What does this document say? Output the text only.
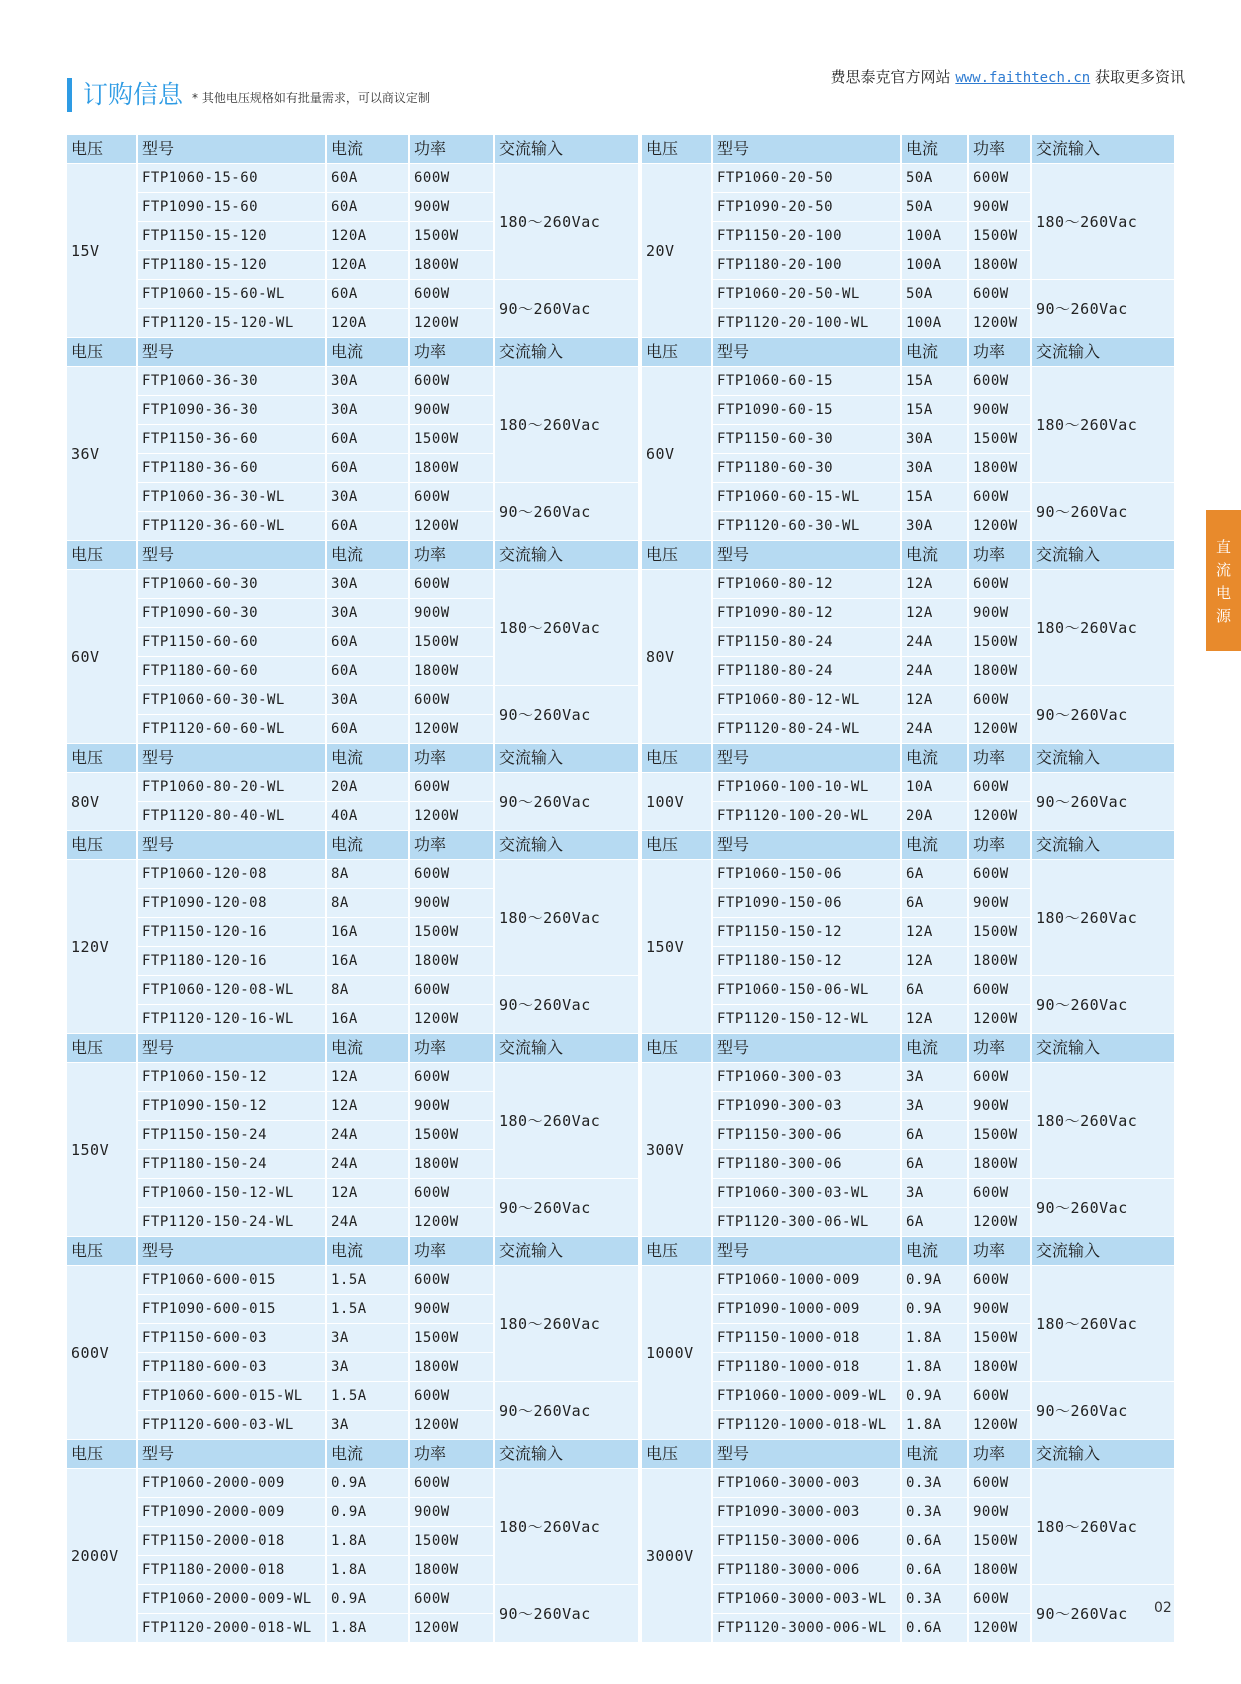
订购信息 * 其他电压规格如有批量需求，可以商议定制
费思泰克官方网站 www.faithtech.cn 获取更多资讯
直
流
电
源
电压	型号	电流	功率	交流输入		电压	型号	电流	功率	交流输入
15V	FTP1060-15-60	60A	600W	180～260Vac		20V	FTP1060-20-50	50A	600W	180～260Vac
	FTP1090-15-60	60A	900W				FTP1090-20-50	50A	900W	
	FTP1150-15-120	120A	1500W				FTP1150-20-100	100A	1500W	
	FTP1180-15-120	120A	1800W				FTP1180-20-100	100A	1800W	
	FTP1060-15-60-WL	60A	600W	90～260Vac			FTP1060-20-50-WL	50A	600W	90～260Vac
	FTP1120-15-120-WL	120A	1200W				FTP1120-20-100-WL	100A	1200W	
电压	型号	电流	功率	交流输入		电压	型号	电流	功率	交流输入
36V	FTP1060-36-30	30A	600W	180～260Vac		60V	FTP1060-60-15	15A	600W	180～260Vac
	FTP1090-36-30	30A	900W				FTP1090-60-15	15A	900W	
	FTP1150-36-60	60A	1500W				FTP1150-60-30	30A	1500W	
	FTP1180-36-60	60A	1800W				FTP1180-60-30	30A	1800W	
	FTP1060-36-30-WL	30A	600W	90～260Vac			FTP1060-60-15-WL	15A	600W	90～260Vac
	FTP1120-36-60-WL	60A	1200W				FTP1120-60-30-WL	30A	1200W	
电压	型号	电流	功率	交流输入		电压	型号	电流	功率	交流输入
60V	FTP1060-60-30	30A	600W	180～260Vac		80V	FTP1060-80-12	12A	600W	180～260Vac
	FTP1090-60-30	30A	900W				FTP1090-80-12	12A	900W	
	FTP1150-60-60	60A	1500W				FTP1150-80-24	24A	1500W	
	FTP1180-60-60	60A	1800W				FTP1180-80-24	24A	1800W	
	FTP1060-60-30-WL	30A	600W	90～260Vac			FTP1060-80-12-WL	12A	600W	90～260Vac
	FTP1120-60-60-WL	60A	1200W				FTP1120-80-24-WL	24A	1200W	
电压	型号	电流	功率	交流输入		电压	型号	电流	功率	交流输入
80V	FTP1060-80-20-WL	20A	600W	90～260Vac		100V	FTP1060-100-10-WL	10A	600W	90～260Vac
	FTP1120-80-40-WL	40A	1200W				FTP1120-100-20-WL	20A	1200W	
电压	型号	电流	功率	交流输入		电压	型号	电流	功率	交流输入
120V	FTP1060-120-08	8A	600W	180～260Vac		150V	FTP1060-150-06	6A	600W	180～260Vac
	FTP1090-120-08	8A	900W				FTP1090-150-06	6A	900W	
	FTP1150-120-16	16A	1500W				FTP1150-150-12	12A	1500W	
	FTP1180-120-16	16A	1800W				FTP1180-150-12	12A	1800W	
	FTP1060-120-08-WL	8A	600W	90～260Vac			FTP1060-150-06-WL	6A	600W	90～260Vac
	FTP1120-120-16-WL	16A	1200W				FTP1120-150-12-WL	12A	1200W	
电压	型号	电流	功率	交流输入		电压	型号	电流	功率	交流输入
150V	FTP1060-150-12	12A	600W	180～260Vac		300V	FTP1060-300-03	3A	600W	180～260Vac
	FTP1090-150-12	12A	900W				FTP1090-300-03	3A	900W	
	FTP1150-150-24	24A	1500W				FTP1150-300-06	6A	1500W	
	FTP1180-150-24	24A	1800W				FTP1180-300-06	6A	1800W	
	FTP1060-150-12-WL	12A	600W	90～260Vac			FTP1060-300-03-WL	3A	600W	90～260Vac
	FTP1120-150-24-WL	24A	1200W				FTP1120-300-06-WL	6A	1200W	
电压	型号	电流	功率	交流输入		电压	型号	电流	功率	交流输入
600V	FTP1060-600-015	1.5A	600W	180～260Vac		1000V	FTP1060-1000-009	0.9A	600W	180～260Vac
	FTP1090-600-015	1.5A	900W				FTP1090-1000-009	0.9A	900W	
	FTP1150-600-03	3A	1500W				FTP1150-1000-018	1.8A	1500W	
	FTP1180-600-03	3A	1800W				FTP1180-1000-018	1.8A	1800W	
	FTP1060-600-015-WL	1.5A	600W	90～260Vac			FTP1060-1000-009-WL	0.9A	600W	90～260Vac
	FTP1120-600-03-WL	3A	1200W				FTP1120-1000-018-WL	1.8A	1200W	
电压	型号	电流	功率	交流输入		电压	型号	电流	功率	交流输入
2000V	FTP1060-2000-009	0.9A	600W	180～260Vac		3000V	FTP1060-3000-003	0.3A	600W	180～260Vac
	FTP1090-2000-009	0.9A	900W				FTP1090-3000-003	0.3A	900W	
	FTP1150-2000-018	1.8A	1500W				FTP1150-3000-006	0.6A	1500W	
	FTP1180-2000-018	1.8A	1800W				FTP1180-3000-006	0.6A	1800W	
	FTP1060-2000-009-WL	0.9A	600W	90～260Vac			FTP1060-3000-003-WL	0.3A	600W	90～260Vac
	FTP1120-2000-018-WL	1.8A	1200W				FTP1120-3000-006-WL	0.6A	1200W	
02
